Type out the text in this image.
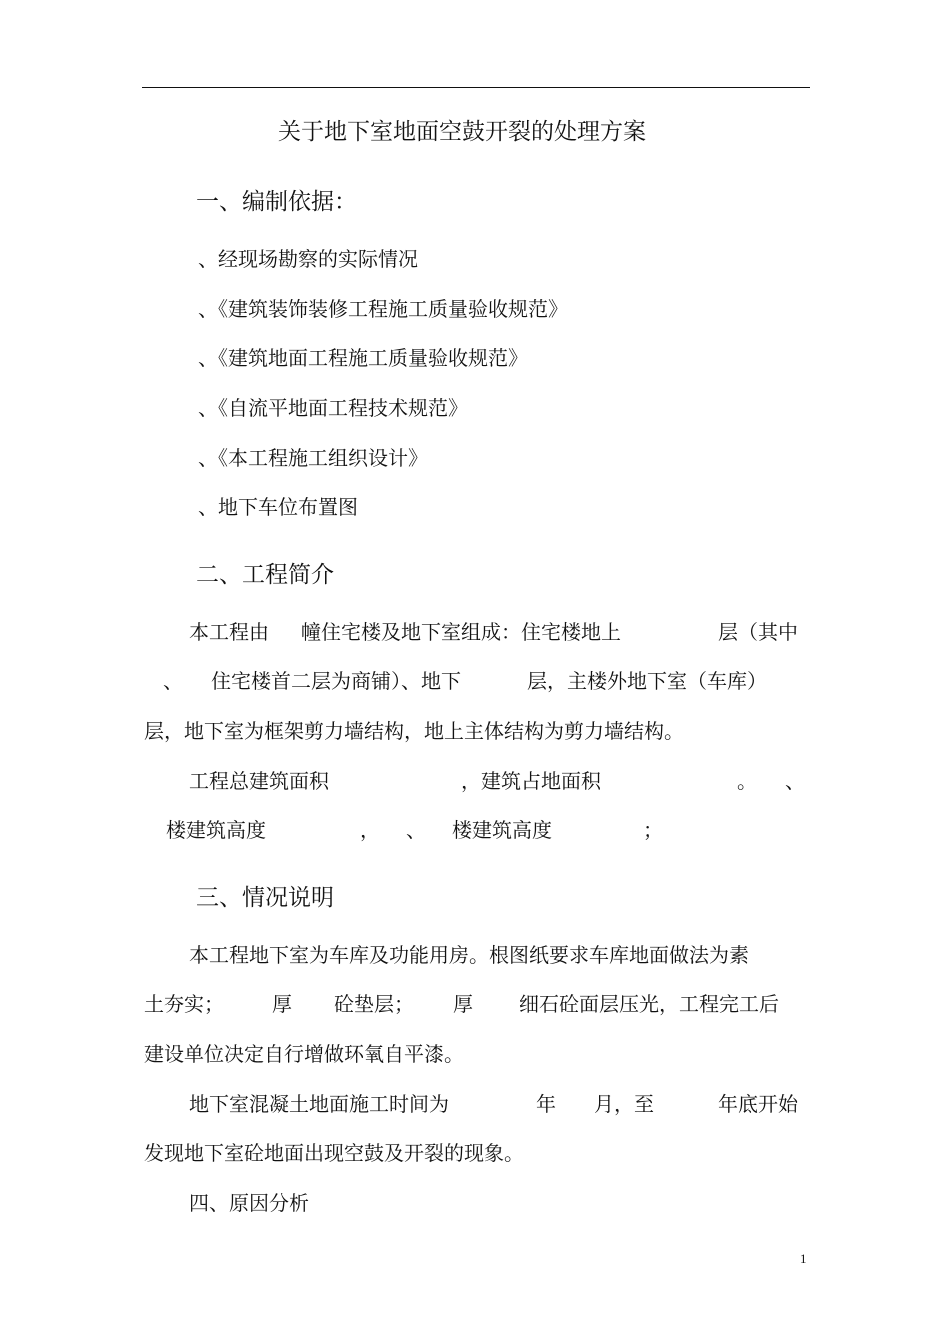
关于地下室地面空鼓开裂的处理方案
一、编制依据：
、经现场勘察的实际情况
、《建筑装饰装修工程施工质量验收规范》
、《建筑地面工程施工质量验收规范》
、《自流平地面工程技术规范》
、《本工程施工组织设计》
、地下车位布置图
二、工程简介
本工程由 幢住宅楼及地下室组成：住宅楼地上	层（其中
、 住宅楼首二层为商铺）、地下	层，主楼外地下室（车库）
层，地下室为框架剪力墙结构，地上主体结构为剪力墙结构。
工程总建筑面积	，建筑占地面积	。 、
楼建筑高度	， 、 楼建筑高度	；
三、情况说明
本工程地下室为车库及功能用房。根图纸要求车库地面做法为素
土夯实； 厚 砼垫层； 厚 细石砼面层压光，工程完工后
建设单位决定自行增做环氧自平漆。
地下室混凝土地面施工时间为	年 月，至	年底开始
发现地下室砼地面出现空鼓及开裂的现象。
四、原因分析
1
